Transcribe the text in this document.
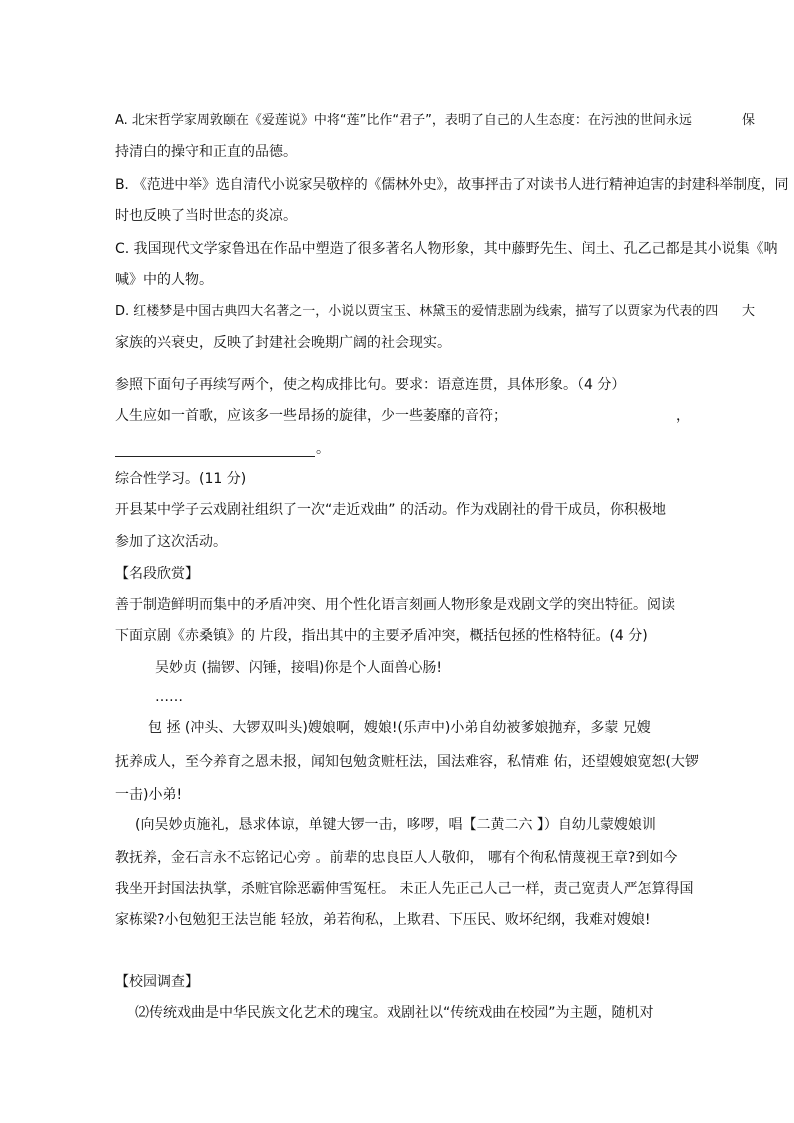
A. 北宋哲学家周敦颐在《爱莲说》中将“莲”比作“君子”，表明了自己的人生态度：在污浊的世间永远	保
持清白的操守和正直的品德。
B. 《范进中举》选自清代小说家吴敬梓的《儒林外史》，故事抨击了对读书人进行精神迫害的封建科举制度，同
时也反映了当时世态的炎凉。
C. 我国现代文学家鲁迅在作品中塑造了很多著名人物形象，其中藤野先生、闰土、孔乙己都是其小说集《呐
喊》中的人物。
D. 红楼梦是中国古典四大名著之一，小说以贾宝玉、林黛玉的爱情悲剧为线索，描写了以贾家为代表的四 大
家族的兴衰史，反映了封建社会晚期广阔的社会现实。
参照下面句子再续写两个，使之构成排比句。要求：语意连贯，具体形象。（4 分）
人生应如一首歌，应该多一些昂扬的旋律，少一些萎靡的音符；	，
。
综合性学习。(11 分)
开县某中学子云戏剧社组织了一次“走近戏曲” 的活动。作为戏剧社的骨干成员，你积极地
参加了这次活动。
【名段欣赏】
善于制造鲜明而集中的矛盾冲突、用个性化语言刻画人物形象是戏剧文学的突出特征。阅读
下面京剧《赤桑镇》的 片段，指出其中的主要矛盾冲突，概括包拯的性格特征。(4 分)
吴妙贞 (揣锣、闪锤，接唱)你是个人面兽心肠!
……
包 拯 (冲头、大锣双叫头)嫂娘啊，嫂娘!(乐声中)小弟自幼被爹娘抛弃，多蒙 兄嫂
抚养成人，至今养育之恩未报，闻知包勉贪赃枉法，国法难容，私情难 佑，还望嫂娘宽恕(大锣
一击)小弟!
(向吴妙贞施礼，恳求体谅，单键大锣一击，哆啰，唱【二黄二六 】）自幼儿蒙嫂娘训
教抚养，金石言永不忘铭记心旁 。前辈的忠良臣人人敬仰， 哪有个徇私情蔑视王章?到如今
我坐开封国法执掌，杀赃官除恶霸伸雪冤枉。 未正人先正己人己一样，责己宽责人严怎算得国
家栋梁?小包勉犯王法岂能 轻放，弟若徇私，上欺君、下压民、败坏纪纲，我难对嫂娘!
【校园调查】
⑵传统戏曲是中华民族文化艺术的瑰宝。戏剧社以“传统戏曲在校园”为主题，随机对
